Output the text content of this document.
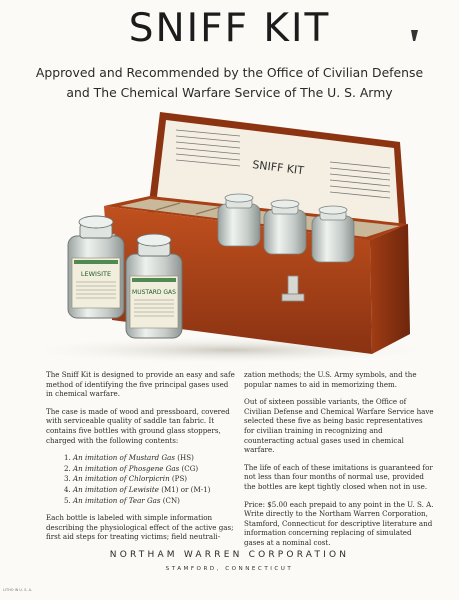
SNIFF KIT
Approved and Recommended by the Office of Civilian Defense
and The Chemical Warfare Service of The U. S. Army
SNIFF KIT
LEWISITE
MUSTARD GAS

The Sniff Kit is designed to provide an easy and safe method of identifying the five principal gases used in chemical warfare.

The case is made of wood and pressboard, covered with serviceable quality of saddle tan fabric. It contains five bottles with ground glass stoppers, charged with the following contents:

1. An imitation of Mustard Gas (HS)
2. An imitation of Phosgene Gas (CG)
3. An imitation of Chlorpicrin (PS)
4. An imitation of Lewisite (M1) or (M-1)
5. An imitation of Tear Gas (CN)

Each bottle is labeled with simple information describing the physiological effect of the active gas; first aid steps for treating victims; field neutrali-

zation methods; the U.S. Army symbols, and the popular names to aid in memorizing them.

Out of sixteen possible variants, the Office of Civilian Defense and Chemical Warfare Service have selected these five as being basic representatives for civilian training in recognizing and counteracting actual gases used in chemical warfare.

The life of each of these imitations is guaranteed for not less than four months of normal use, provided the bottles are kept tightly closed when not in use.

Price: $5.00 each prepaid to any point in the U. S. A. Write directly to the Northam Warren Corporation, Stamford, Connecticut for descriptive literature and information concerning replacing of simulated gases at a nominal cost.

NORTHAM WARREN CORPORATION
STAMFORD, CONNECTICUT
LITHO IN U. S. A.
